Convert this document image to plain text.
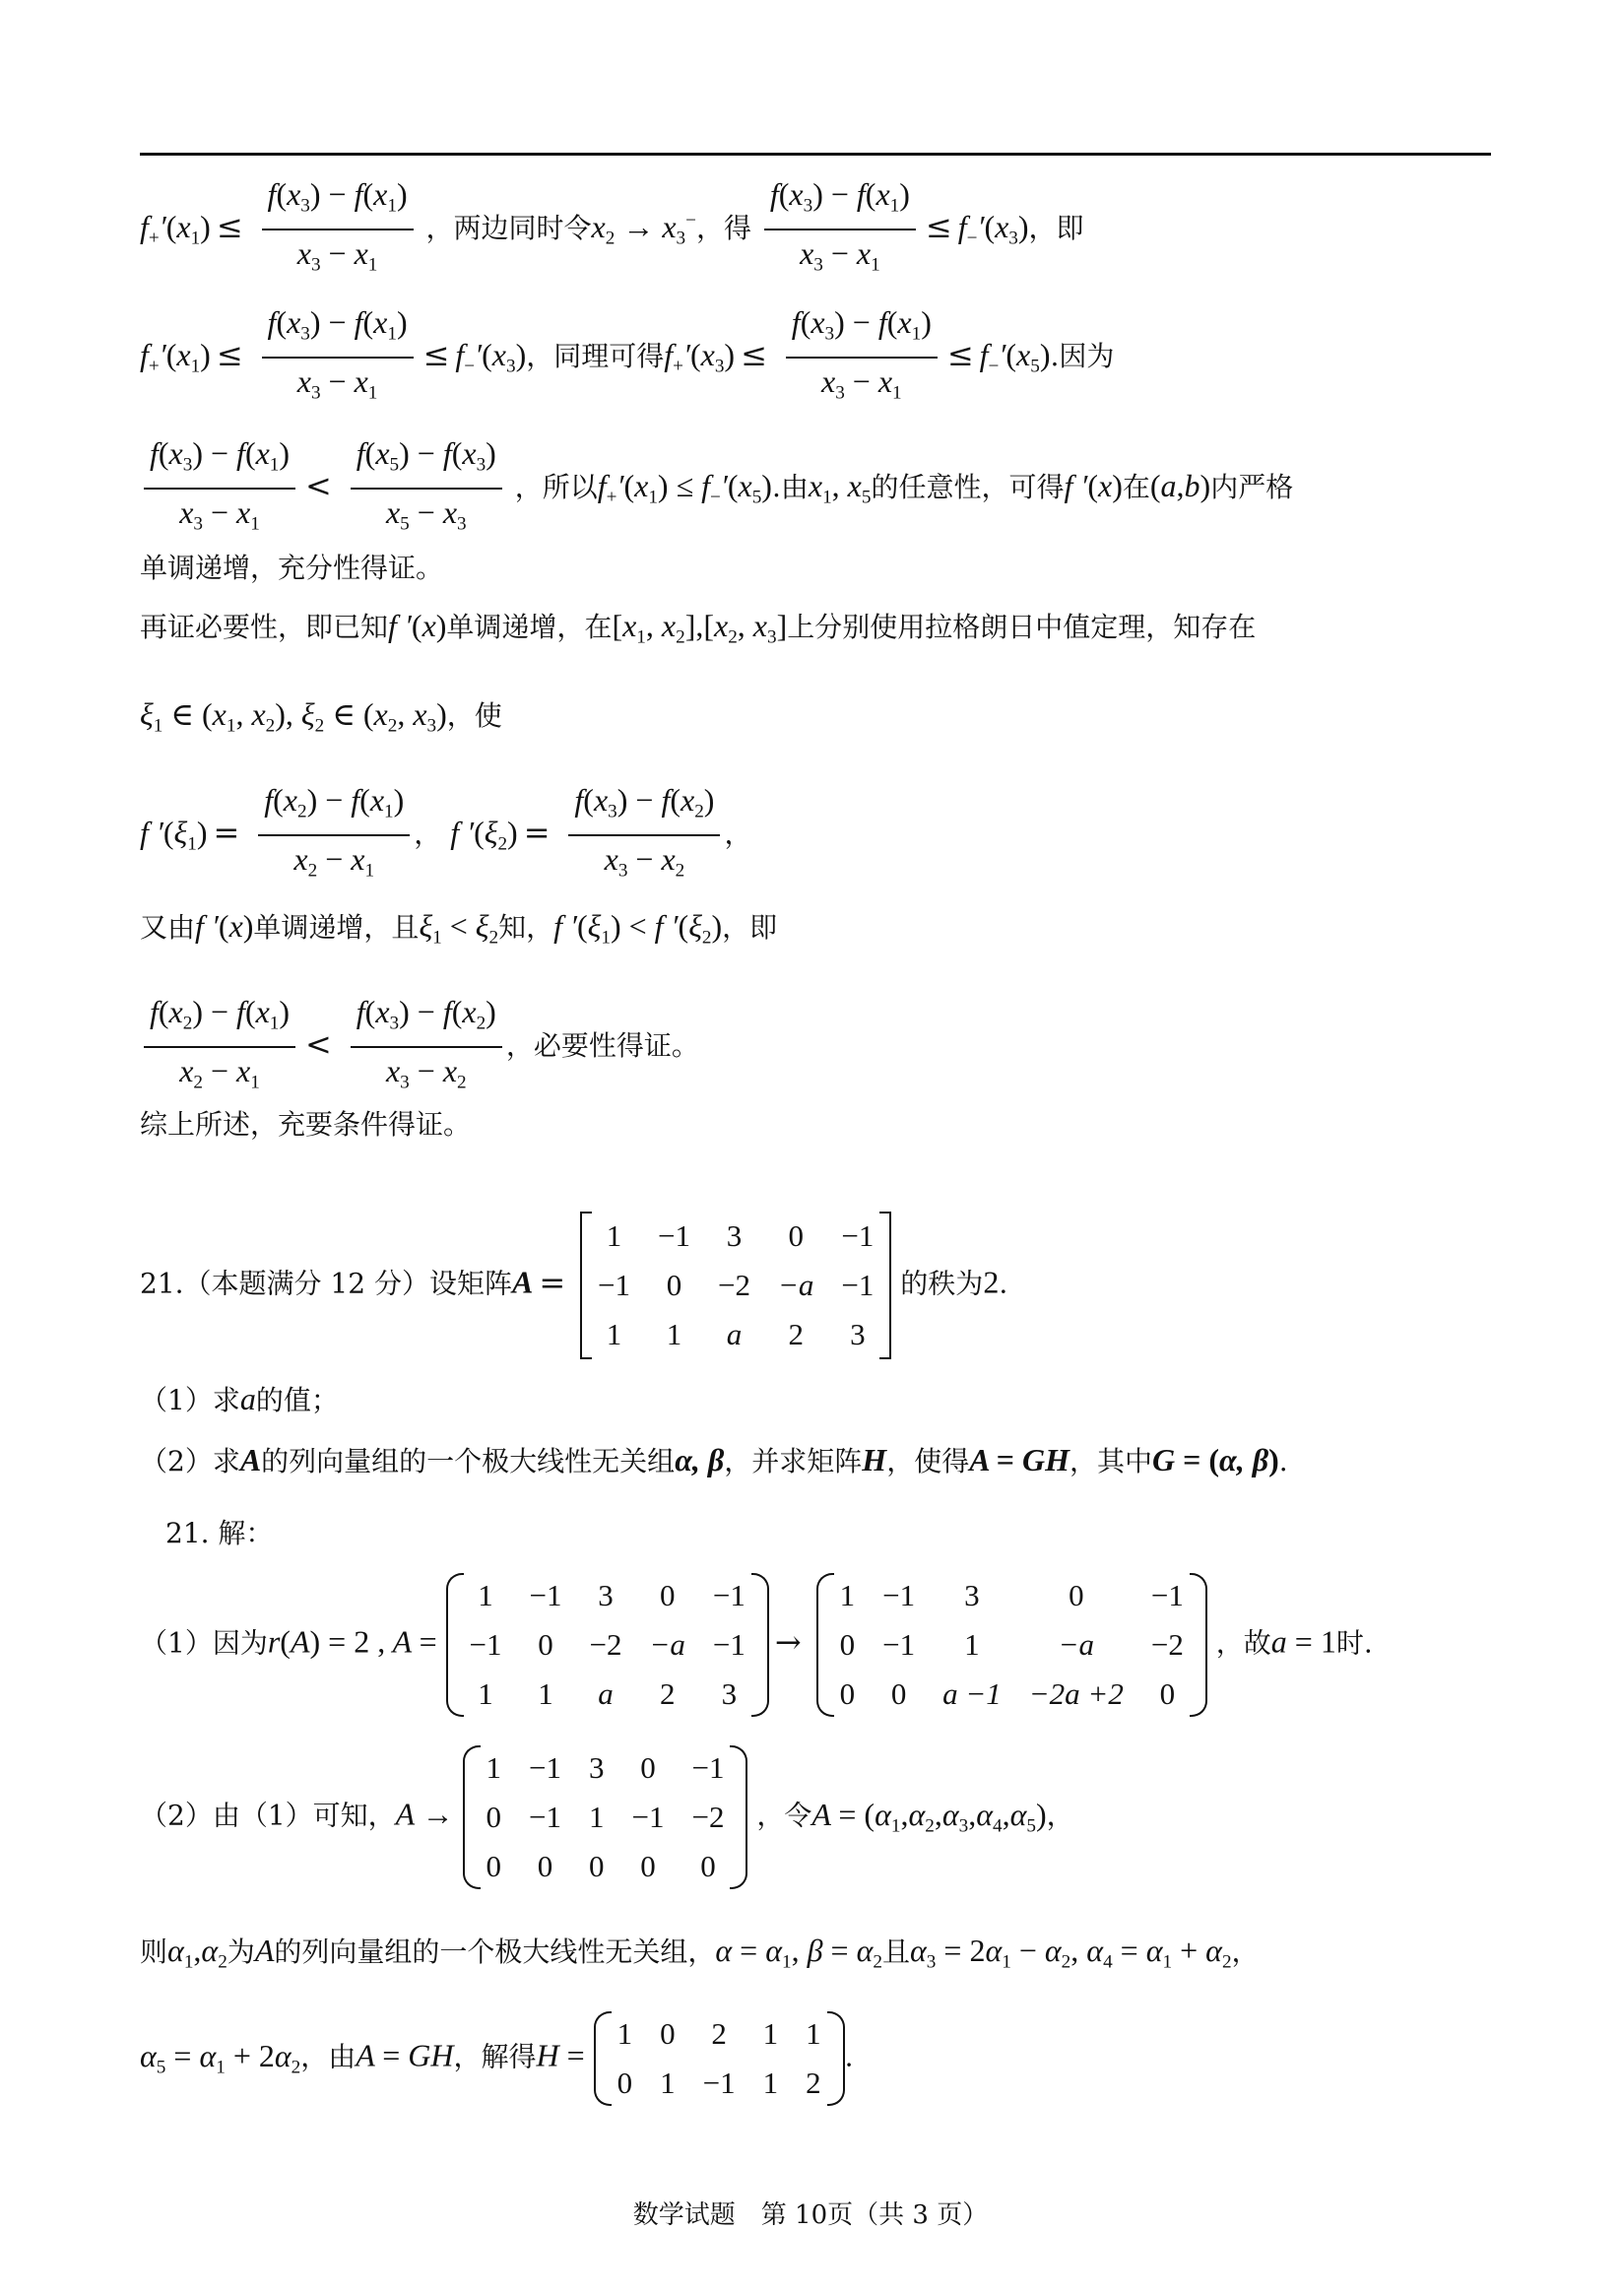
$f_+'(x_1) \le \frac{f(x_3) - f(x_1)}{x_3 - x_1}$ ，两边同时令$x_2 \to x_3^-$，得 $\frac{f(x_3) - f(x_1)}{x_3 - x_1} \le f_-'(x_3)$，即
$f_+'(x_1) \le \frac{f(x_3) - f(x_1)}{x_3 - x_1} \le f_-'(x_3)$，同理可得$f_+'(x_3) \le \frac{f(x_3) - f(x_1)}{x_3 - x_1} \le f_-'(x_5)$.因为
$\frac{f(x_3) - f(x_1)}{x_3 - x_1} < \frac{f(x_5) - f(x_3)}{x_5 - x_3}$ ，所以$f_+'(x_1) \le f_-'(x_5)$.由$x_1$, $x_5$的任意性，可得f ′(x)在(a,b)内严格
单调递增，充分性得证。
再证必要性，即已知f ′(x)单调递增，在[$x_1$, $x_2],[x_2$, $x_3$]上分别使用拉格朗日中值定理，知存在
$\xi_1$ ∈ ($x_1$, $x_2$), $\xi_2$ ∈ ($x_2$, $x_3$)，使
f $'(\xi_1) = \frac{f(x_2) - f(x_1)}{x_2 - x_1}$ ， f $'(\xi_2) = \frac{f(x_3) - f(x_2)}{x_3 - x_2}$ ，
又由f ′(x)单调递增，且$\xi_1 < \xi_2$知，f $'(\xi_1) < f$ $'(\xi_2)$，即
$\frac{f(x_2) - f(x_1)}{x_2 - x_1} < \frac{f(x_3) - f(x_2)}{x_3 - x_2}$ ，必要性得证。
综上所述，充要条件得证。
21.（本题满分 12 分）设矩阵A =
1	−1	3	0	−1
−1	0	−2	−a	−1
1	1	a	2	3
的秩为2.
（1）求a的值；
（2）求A的列向量组的一个极大线性无关组α, β，并求矩阵H，使得A = GH，其中G = (α, β).
21. 解：
（1）因为r(A) = 2 , A =
1	−1	3	0	−1
−1	0	−2	−a	−1
1	1	a	2	3
→
1	−1	3	0	−1
0	−1	1	−a	−2
0	0	a −1	−2a +2	0
，故a = 1时.
（2）由（1）可知，A →
1	−1	3	0	−1
0	−1	1	−1	−2
0	0	0	0	0
，令$A = (\alpha_1,\alpha_2,\alpha_3,\alpha_4,\alpha_5)$，
则$\alpha_1,\alpha_2$为A的列向量组的一个极大线性无关组，$\alpha = \alpha_1$, $\beta = \alpha_2$且$\alpha_3 = 2\alpha_1 - \alpha_2$, $\alpha_4 = \alpha_1 + \alpha_2$，
$\alpha_5 = \alpha_1 + 2\alpha_2$，由A = GH，解得H =
1	0	2	1	1
0	1	−1	1	2
.
数学试题　第 10页（共 3 页）
